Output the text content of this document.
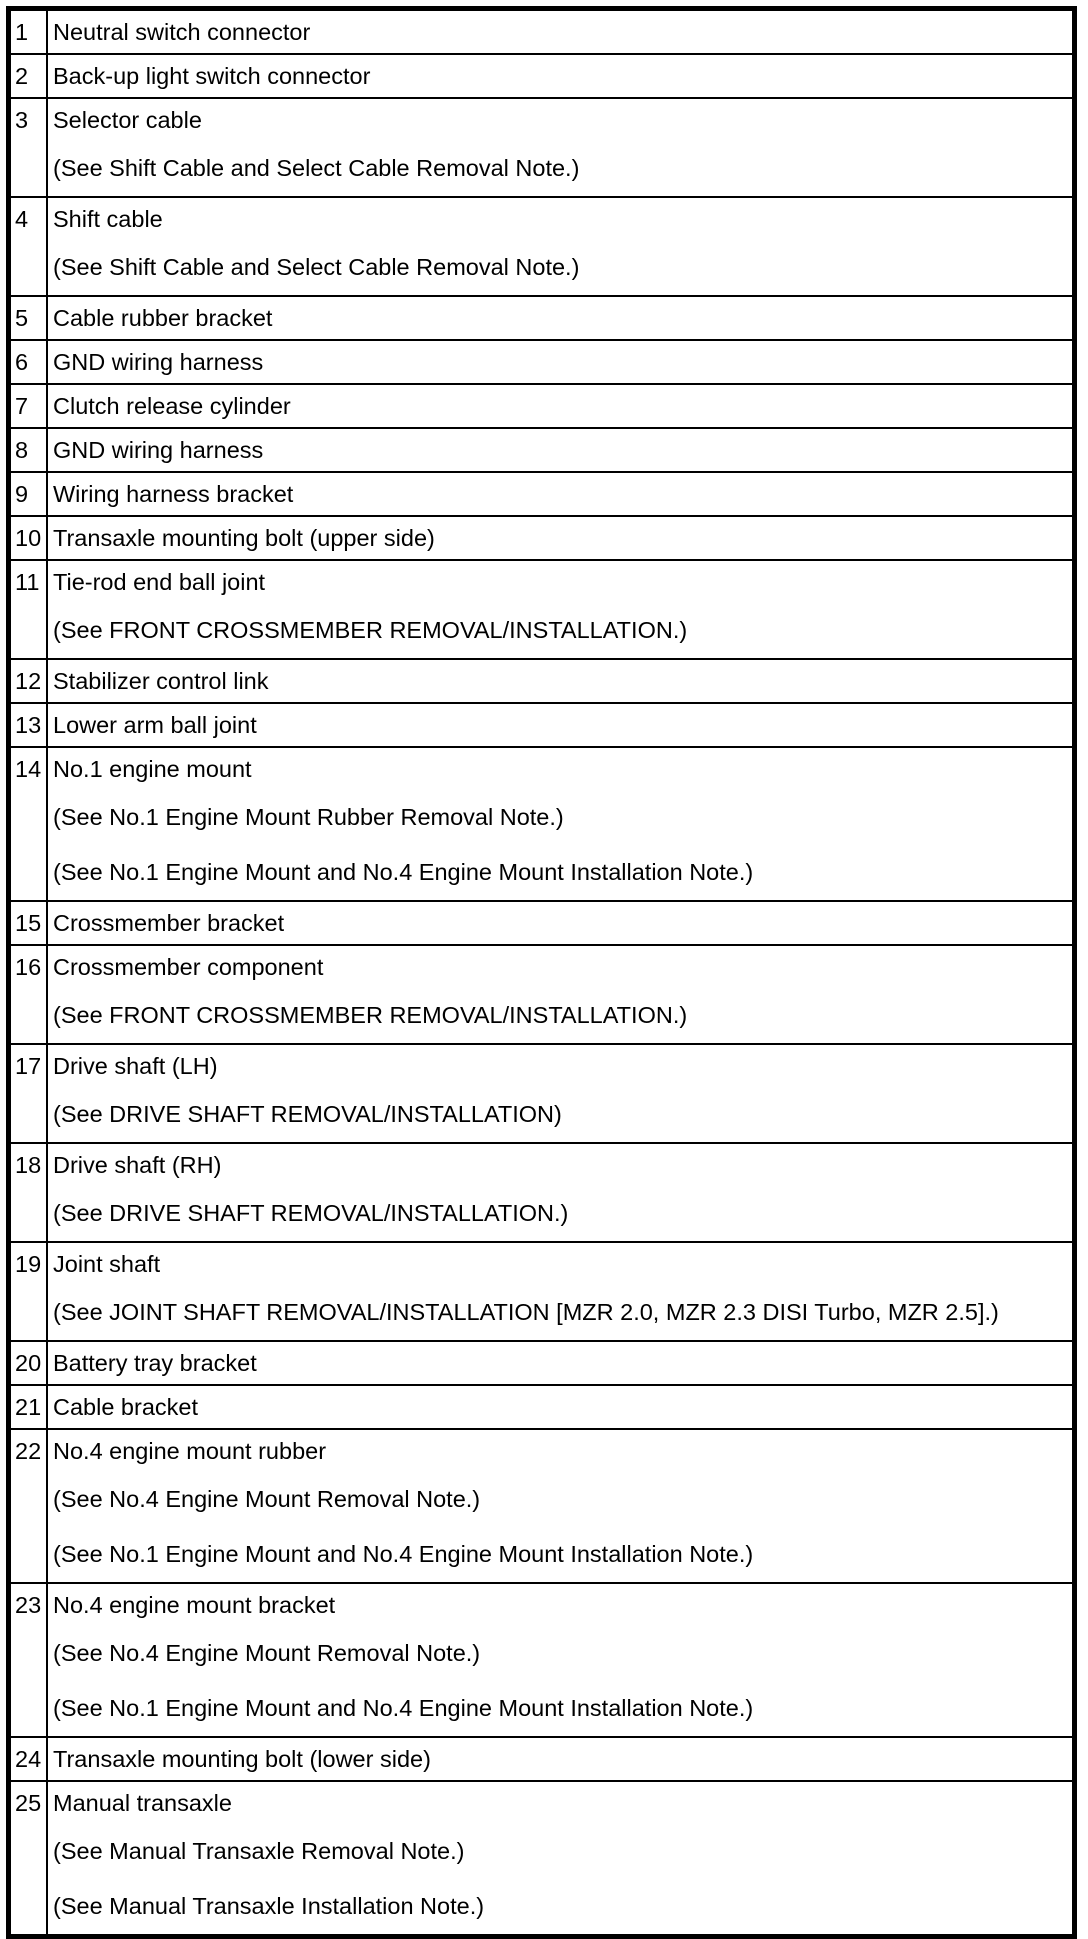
1	Neutral switch connector

2	Back-up light switch connector

3	Selector cable
(See Shift Cable and Select Cable Removal Note.)

4	Shift cable
(See Shift Cable and Select Cable Removal Note.)

5	Cable rubber bracket

6	GND wiring harness

7	Clutch release cylinder

8	GND wiring harness

9	Wiring harness bracket

10	Transaxle mounting bolt (upper side)

11	Tie-rod end ball joint
(See FRONT CROSSMEMBER REMOVAL/INSTALLATION.)

12	Stabilizer control link

13	Lower arm ball joint

14	No.1 engine mount
(See No.1 Engine Mount Rubber Removal Note.)
(See No.1 Engine Mount and No.4 Engine Mount Installation Note.)

15	Crossmember bracket

16	Crossmember component
(See FRONT CROSSMEMBER REMOVAL/INSTALLATION.)

17	Drive shaft (LH)
(See DRIVE SHAFT REMOVAL/INSTALLATION)

18	Drive shaft (RH)
(See DRIVE SHAFT REMOVAL/INSTALLATION.)

19	Joint shaft
(See JOINT SHAFT REMOVAL/INSTALLATION [MZR 2.0, MZR 2.3 DISI Turbo, MZR 2.5].)

20	Battery tray bracket

21	Cable bracket

22	No.4 engine mount rubber
(See No.4 Engine Mount Removal Note.)
(See No.1 Engine Mount and No.4 Engine Mount Installation Note.)

23	No.4 engine mount bracket
(See No.4 Engine Mount Removal Note.)
(See No.1 Engine Mount and No.4 Engine Mount Installation Note.)

24	Transaxle mounting bolt (lower side)

25	Manual transaxle
(See Manual Transaxle Removal Note.)
(See Manual Transaxle Installation Note.)
